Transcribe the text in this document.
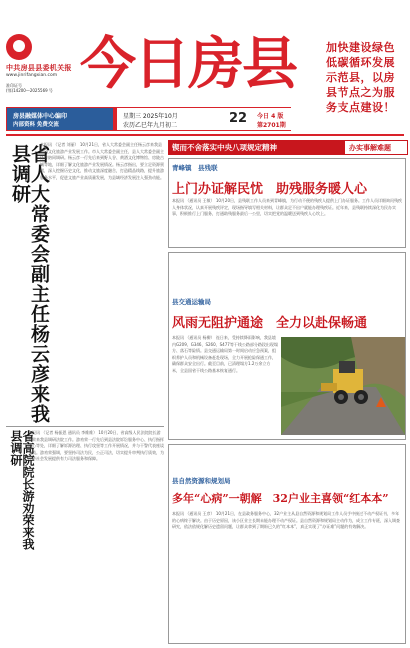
中共房县县委机关报
www.jinrifangxian.com
准印证号
(鄂)14200—2025569 号 今日房县	加快建设绿色低碳循环发展示范县，以房县节点之为服务支点建设！
房县融媒体中心编印
内部资料 免费交流
星期三 2025年10月
农历乙巳年九月初二	22 今日 4 版
第2701期
省人大常委会副主任杨云彦来我县调研	本报讯 （记者 刘丽） 10月21日，省人大常委会副主任杨云彦来我县调研文化旅游产业发展工作。市人大常委会副主任，县人大常委会副主任等陪同调研。杨云彦一行先后来到野人谷、黄酒文化博物馆、房陵古城等地，详细了解文化旅游产业发展情况。杨云彦指出，要立足资源禀赋，深入挖掘历史文化，推动文旅深度融合，打造精品线路，提升旅游服务水平，促进文旅产业高质量发展，为县域经济发展注入强劲动能。
省高院院长游劝荣来我县调研	本报讯 （记者 杨振恩 通讯员 李维维） 10月20日，省高级人民法院院长游劝荣来我县调研法院工作。游劝荣一行先后到县法院诉讼服务中心、执行指挥中心等处，详细了解诉源治理、执行攻坚等工作开展情况，并与干警代表座谈交流。游劝荣强调，要坚持司法为民，公正司法，切实提升审判执行质效，为经济社会发展提供有力司法服务和保障。
锲而不舍落实中央八项规定精神	办实事解难题
青峰镇　县残联
上门办证解民忧　助残服务暖人心
本报讯 （通讯员 王敏） 10月20日，县残联工作人员来到青峰镇，为行动不便的残疾人提供上门办证服务。工作人员详细询问残疾人身体状况，认真开展残疾评定，现场指导填写相关材料，让群众足不出户就能办理残疾证。近年来，县残联持续深化为民办实事，积极推行上门服务，打通助残服务最后一公里，切实把党的温暖送到残疾人心坎上。
县交通运输局
风雨无阻护通途　全力以赴保畅通
本报讯 （通讯员 杨柳） 连日来，受持续降雨影响，我县境内G209、G346、S260、S477等干线公路部分路段出现塌方、落石等险情。县交通运输局第一时间启动应急预案，组织养护人员和机械设备赶赴现场，全力开展抢险保通工作，确保群众安全出行。截至目前，已清理塌方1.2万余立方米，全县国省干线公路基本恢复通行。
县自然资源和规划局
多年“心病”一朝解　32户业主喜领“红本本”
本报讯 （通讯员 王彦） 10月21日，在县政务服务中心，32户业主从县自然资源和规划局工作人员手中接过不动产权证书，多年的心病终于解决。由于历史原因，该小区业主长期未能办理不动产权证。县自然资源和规划局主动作为，成立工作专班，深入调查研究，依法依规化解历史遗留问题，让群众拿到了期盼已久的“红本本”，真正实现了“办证难”问题的有效解决。
